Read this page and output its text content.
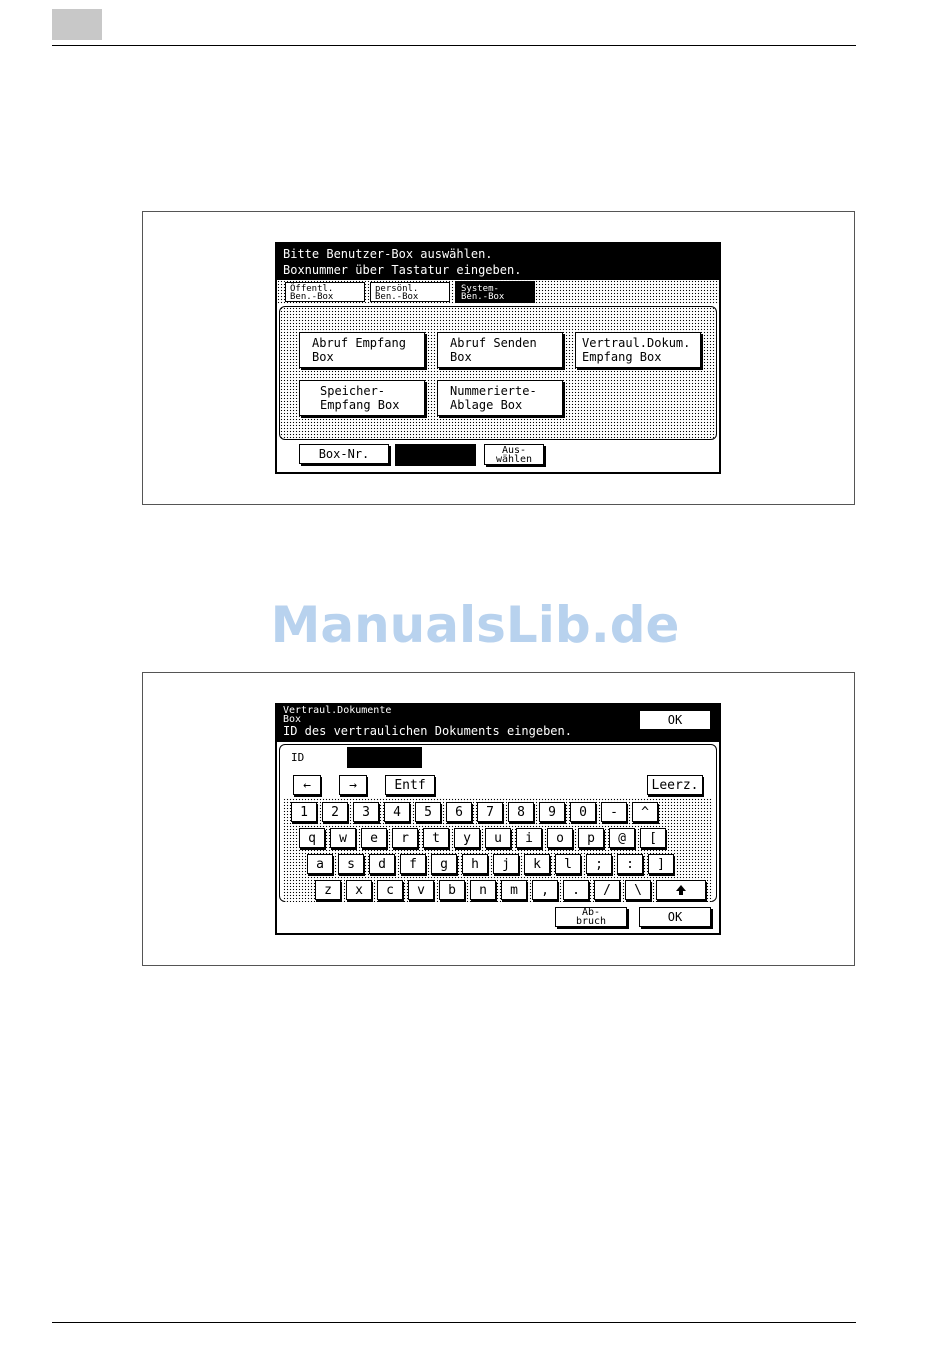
ManualsLib.de
Bitte Benutzer-Box auswählen.
Boxnummer über Tastatur eingeben.
Öffentl.
Ben.-Box
persönl.
Ben.-Box
System-
Ben.-Box
Abruf Empfang
Box
Abruf Senden
Box
Vertraul.Dokum.
Empfang Box
Speicher-
Empfang Box
Nummerierte-
Ablage Box
Box-Nr.	Aus-
wählen
Vertraul.Dokumente
Box
ID des vertraulichen Dokuments eingeben.
OK
ID
←	→	Entf	Leerz.
1	2	3	4	5	6	7	8	9	0	-	^
q	w	e	r	t	y	u	i	o	p	@	[
a	s	d	f	g	h	j	k	l	;	:	]
z	x	c	v	b	n	m	,	.	/	\
Ab-
bruch	OK
